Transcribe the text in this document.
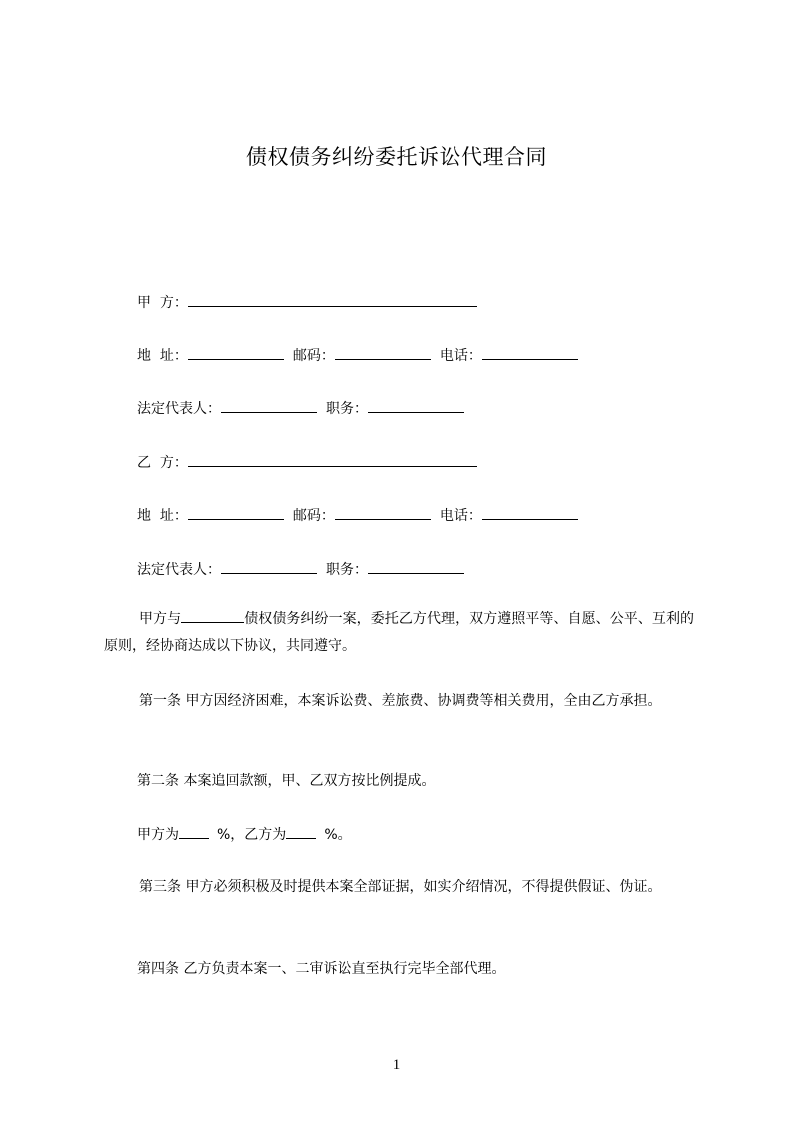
债权债务纠纷委托诉讼代理合同
甲  方：
地  址：	邮码：	电话：
法定代表人：	职务：
乙  方：
地  址：	邮码：	电话：
法定代表人：	职务：
甲方与	债权债务纠纷一案，委托乙方代理，双方遵照平等、自愿、公平、互利的原则，经协商达成以下协议，共同遵守。
第一条 甲方因经济困难，本案诉讼费、差旅费、协调费等相关费用，全由乙方承担。
第二条 本案追回款额，甲、乙双方按比例提成。
甲方为	%，乙方为	%。
第三条 甲方必须积极及时提供本案全部证据，如实介绍情况，不得提供假证、伪证。
第四条 乙方负责本案一、二审诉讼直至执行完毕全部代理。
1
